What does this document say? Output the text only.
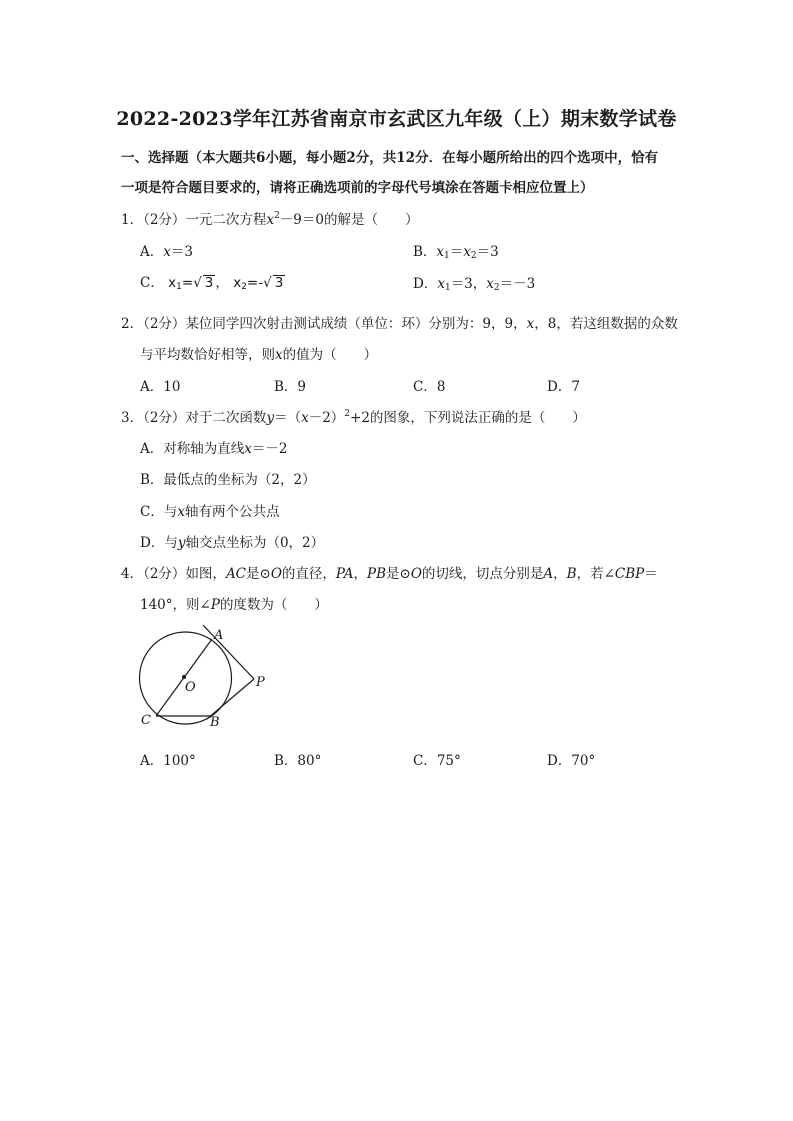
2022-2023学年江苏省南京市玄武区九年级（上）期末数学试卷
一、选择题（本大题共6小题，每小题2分，共12分．在每小题所给出的四个选项中，恰有
一项是符合题目要求的，请将正确选项前的字母代号填涂在答题卡相应位置上）
1．（2分）一元二次方程$x^2-9=0$的解是（　　）
A．x＝3	B．$x_1=x_2=3$
C． $x_1=√$ 3 ， $x_2=-√$ 3	D．$x_1=3$，$x_2=-3$
2．（2分）某位同学四次射击测试成绩（单位：环）分别为：9，9，x，8，若这组数据的众数
与平均数恰好相等，则x的值为（　　）
A．10	B．9	C．8	D．7
3．（2分）对于二次函数$y=(x-2)^2+2$的图象，下列说法正确的是（　　）
A．对称轴为直线x＝－2
B．最低点的坐标为（2，2）
C．与x轴有两个公共点
D．与y轴交点坐标为（0，2）
4．（2分）如图，AC是⊙O的直径，PA，PB是⊙O的切线，切点分别是A，B，若∠CBP＝
140°，则∠P的度数为（　　）
A
O	P
C	B
A．100°	B．80°	C．75°	D．70°
